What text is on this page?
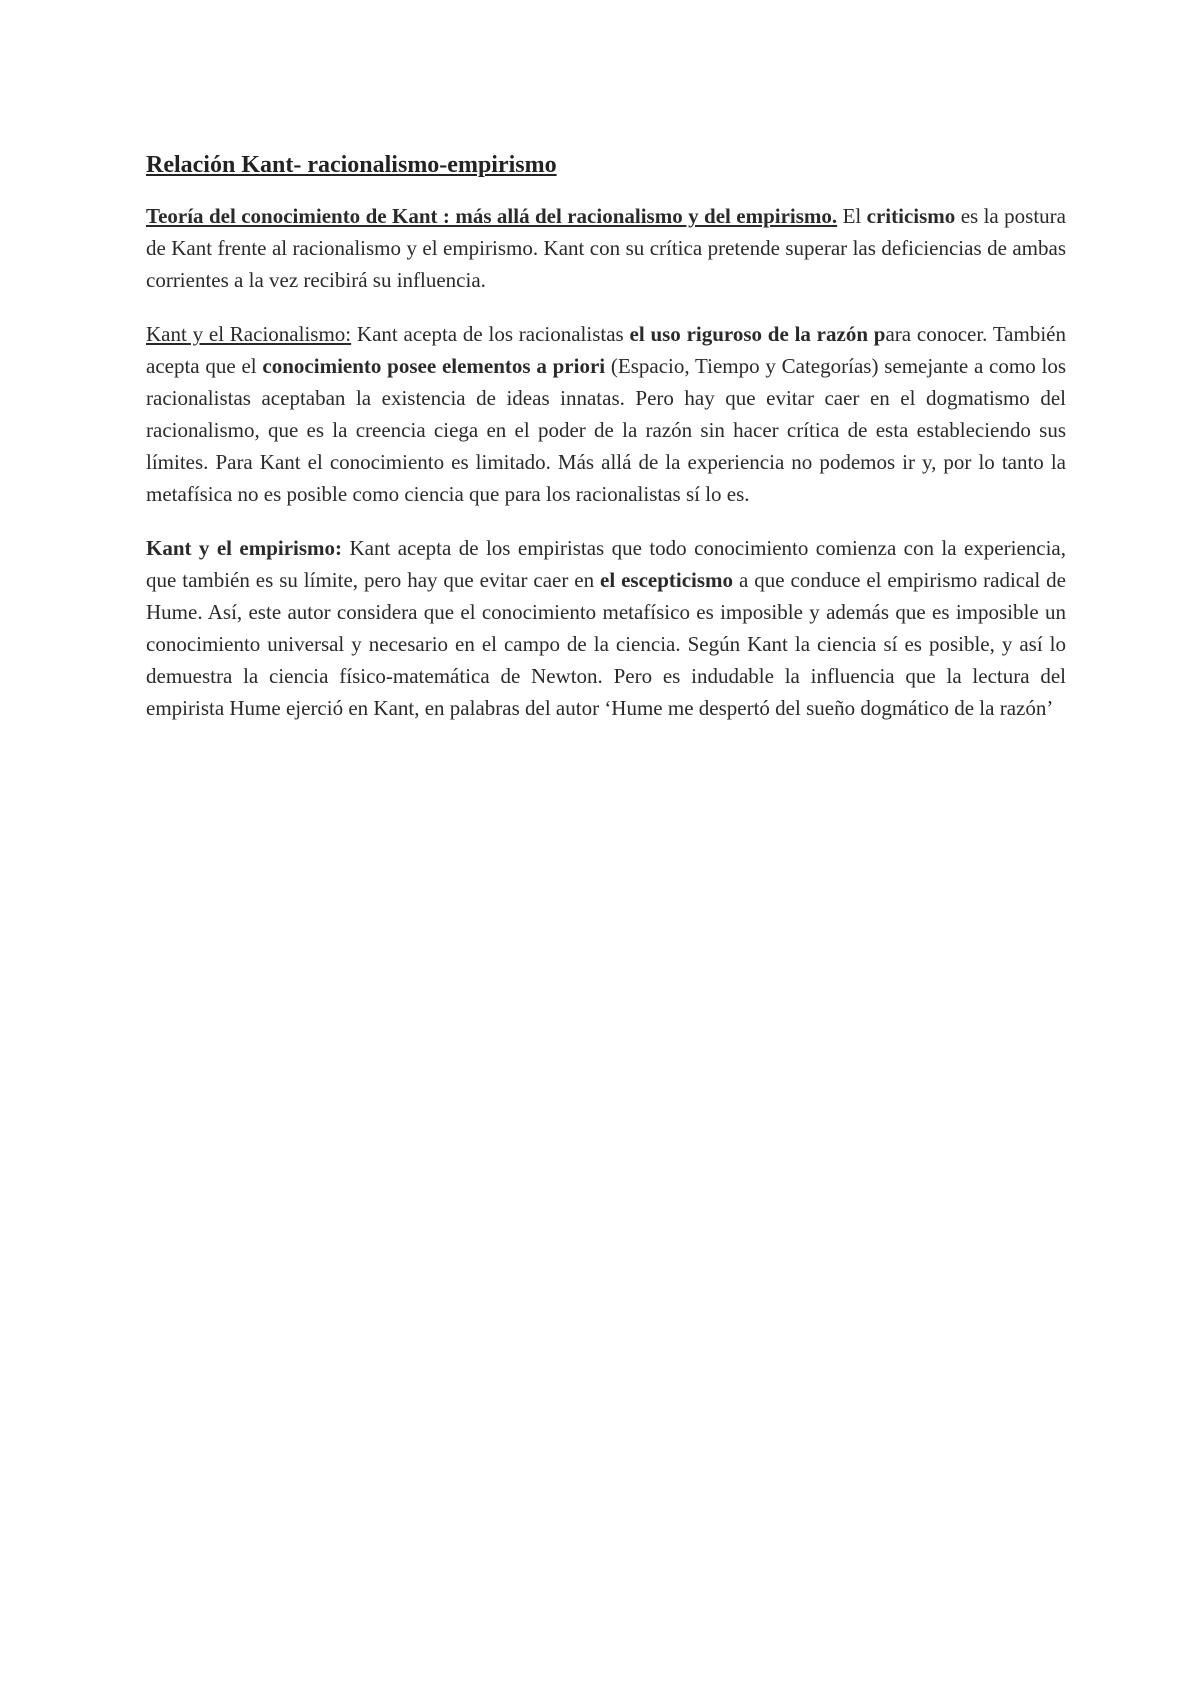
Relación Kant- racionalismo-empirismo

Teoría del conocimiento de Kant : más allá del racionalismo y del empirismo. El criticismo es la postura de Kant frente al racionalismo y el empirismo. Kant con su crítica pretende superar las deficiencias de ambas corrientes a la vez recibirá su influencia.

Kant y el Racionalismo: Kant acepta de los racionalistas el uso riguroso de la razón para conocer. También acepta que el conocimiento posee elementos a priori (Espacio, Tiempo y Categorías) semejante a como los racionalistas aceptaban la existencia de ideas innatas. Pero hay que evitar caer en el dogmatismo del racionalismo, que es la creencia ciega en el poder de la razón sin hacer crítica de esta estableciendo sus límites. Para Kant el conocimiento es limitado. Más allá de la experiencia no podemos ir y, por lo tanto la metafísica no es posible como ciencia que para los racionalistas sí lo es.

Kant y el empirismo: Kant acepta de los empiristas que todo conocimiento comienza con la experiencia, que también es su límite, pero hay que evitar caer en el escepticismo a que conduce el empirismo radical de Hume. Así, este autor considera que el conocimiento metafísico es imposible y además que es imposible un conocimiento universal y necesario en el campo de la ciencia. Según Kant la ciencia sí es posible, y así lo demuestra la ciencia físico-matemática de Newton. Pero es indudable la influencia que la lectura del empirista Hume ejerció en Kant, en palabras del autor ‘Hume me despertó del sueño dogmático de la razón’
